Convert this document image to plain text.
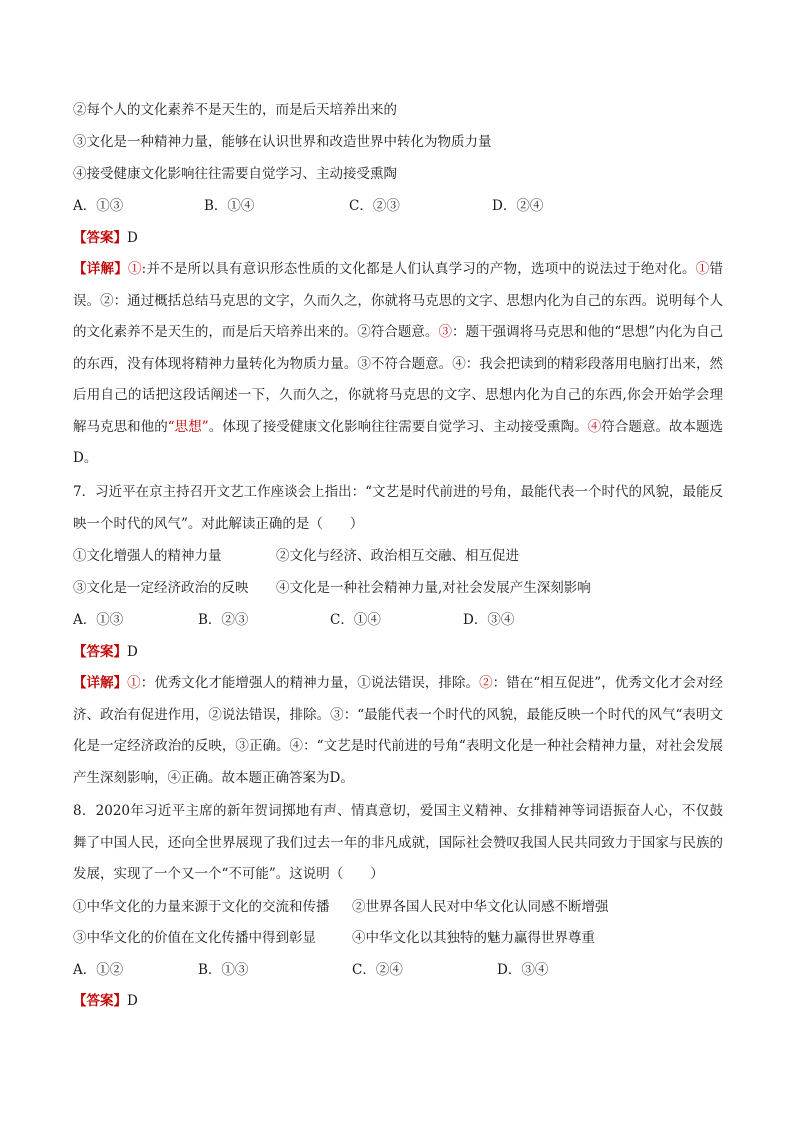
②每个人的文化素养不是天生的，而是后天培养出来的
③文化是一种精神力量，能够在认识世界和改造世界中转化为物质力量
④接受健康文化影响往往需要自觉学习、主动接受熏陶
A．①③	B．①④	C．②③	D．②④
【答案】D
【详解】①:并不是所以具有意识形态性质的文化都是人们认真学习的产物，选项中的说法过于绝对化。①错误。②：通过概括总结马克思的文字，久而久之，你就将马克思的文字、思想内化为自己的东西。说明每个人的文化素养不是天生的，而是后天培养出来的。②符合题意。③：题干强调将马克思和他的“思想”内化为自己的东西，没有体现将精神力量转化为物质力量。③不符合题意。④：我会把读到的精彩段落用电脑打出来，然后用自己的话把这段话阐述一下，久而久之，你就将马克思的文字、思想内化为自己的东西,你会开始学会理解马克思和他的“思想”。体现了接受健康文化影响往往需要自觉学习、主动接受熏陶。④符合题意。故本题选D。
7．习近平在京主持召开文艺工作座谈会上指出：“文艺是时代前进的号角，最能代表一个时代的风貌，最能反映一个时代的风气”。对此解读正确的是（　　）
①文化增强人的精神力量	②文化与经济、政治相互交融、相互促进
③文化是一定经济政治的反映 ④文化是一种社会精神力量,对社会发展产生深刻影响
A．①③	B．②③	C．①④	D．③④
【答案】D
【详解】①：优秀文化才能增强人的精神力量，①说法错误，排除。②：错在“相互促进”，优秀文化才会对经济、政治有促进作用，②说法错误，排除。③：“最能代表一个时代的风貌，最能反映一个时代的风气“表明文化是一定经济政治的反映，③正确。④：“文艺是时代前进的号角“表明文化是一种社会精神力量，对社会发展产生深刻影响，④正确。故本题正确答案为D。
8．2020年习近平主席的新年贺词掷地有声、情真意切，爱国主义精神、女排精神等词语振奋人心，不仅鼓舞了中国人民，还向全世界展现了我们过去一年的非凡成就，国际社会赞叹我国人民共同致力于国家与民族的发展，实现了一个又一个“不可能”。这说明（　　）
①中华文化的力量来源于文化的交流和传播 ②世界各国人民对中华文化认同感不断增强
③中华文化的价值在文化传播中得到彰显	④中华文化以其独特的魅力赢得世界尊重
A．①②	B．①③	C．②④	D．③④
【答案】D
